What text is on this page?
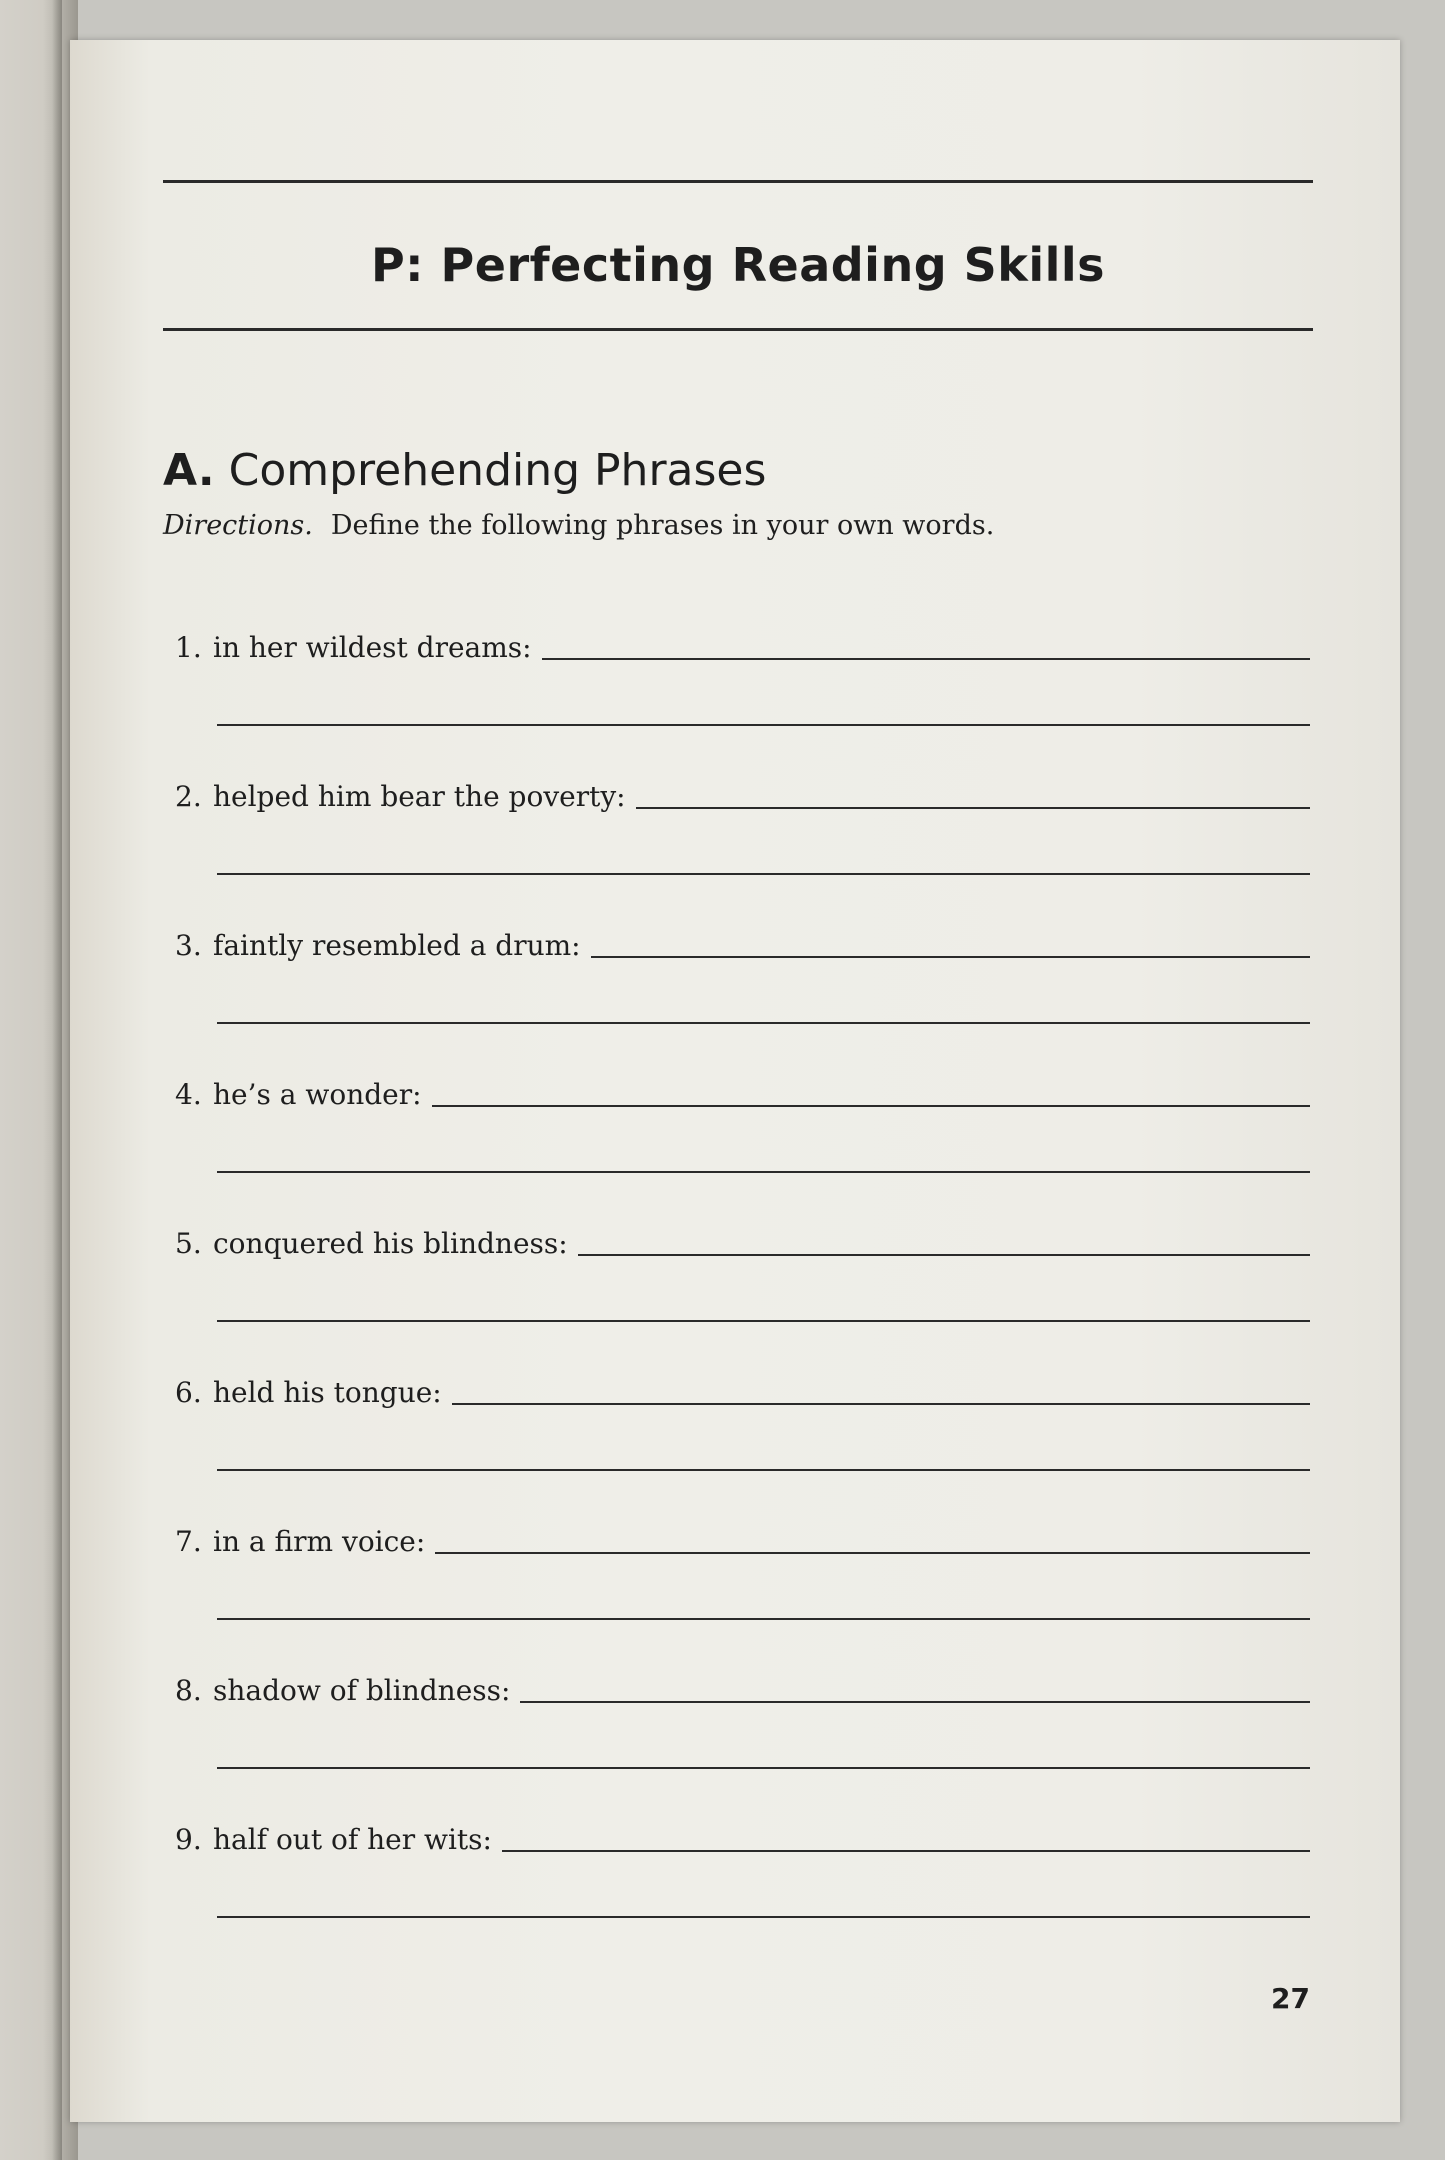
P: Perfecting Reading Skills
A. Comprehending Phrases
Directions. Define the following phrases in your own words.
1. in her wildest dreams:
2. helped him bear the poverty:
3. faintly resembled a drum:
4. he’s a wonder:
5. conquered his blindness:
6. held his tongue:
7. in a firm voice:
8. shadow of blindness:
9. half out of her wits:
27
